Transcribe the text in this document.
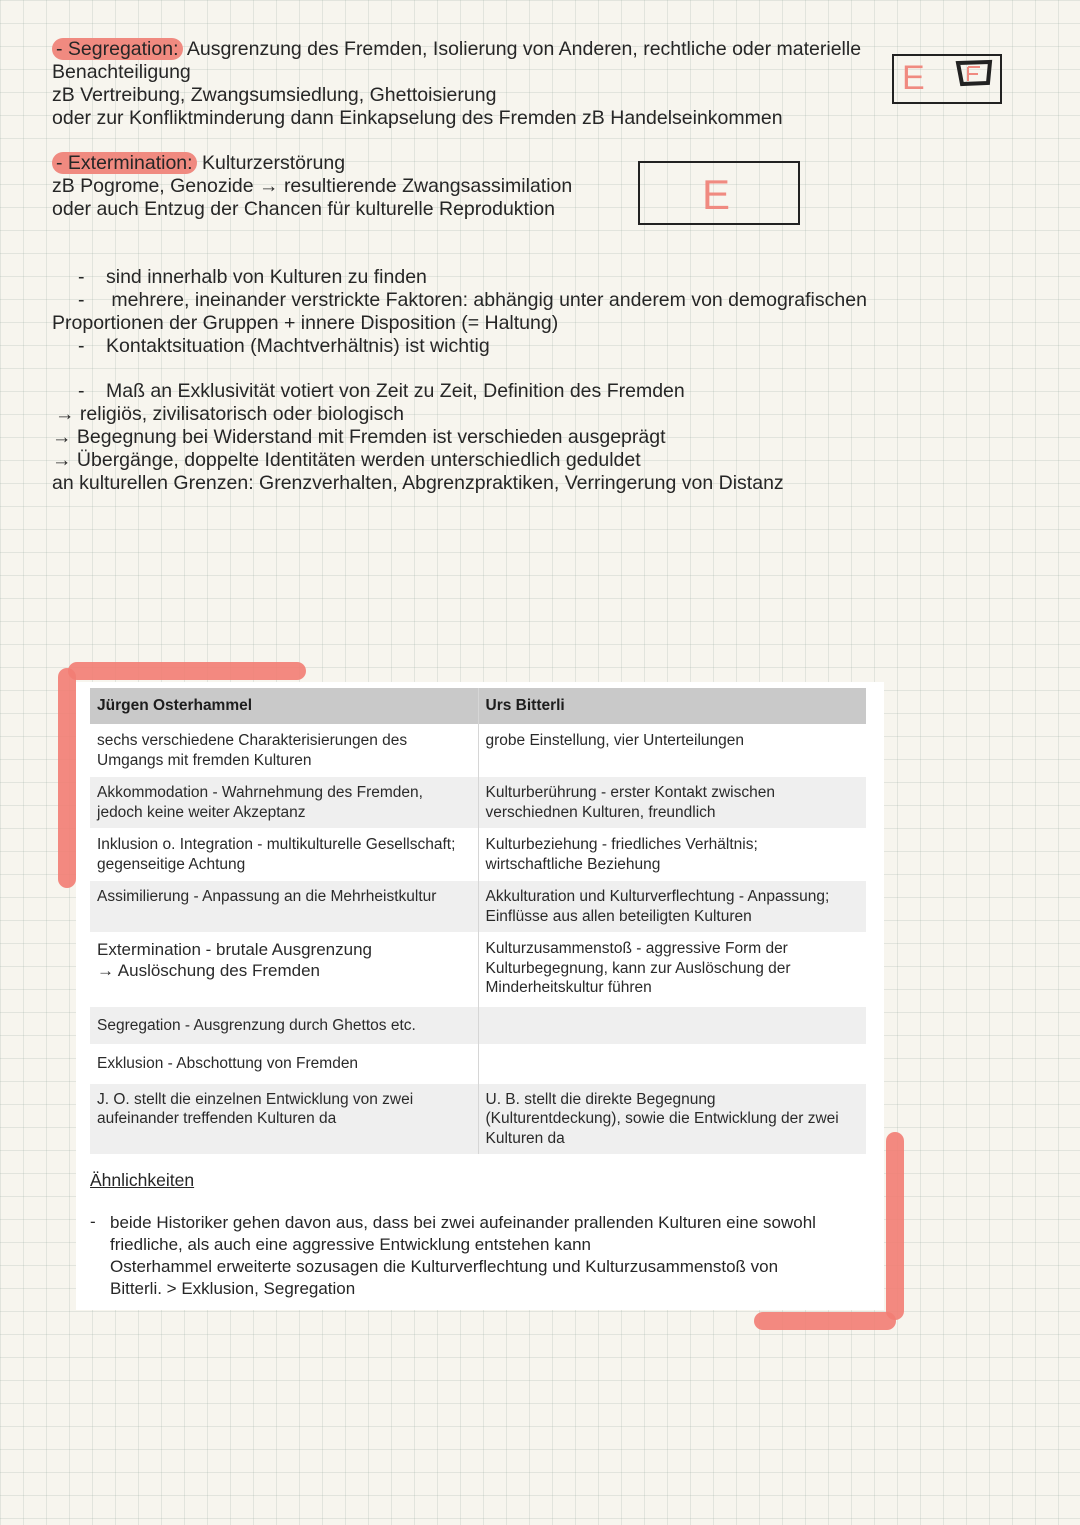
- Segregation: Ausgrenzung des Fremden, Isolierung von Anderen, rechtliche oder materielle
Benachteiligung
zB Vertreibung, Zwangsumsiedlung, Ghettoisierung
oder zur Konfliktminderung dann Einkapselung des Fremden zB Handelseinkommen
E
- Extermination: Kulturzerstörung
zB Pogrome, Genozide → resultierende Zwangsassimilation
oder auch Entzug der Chancen für kulturelle Reproduktion	E
- sind innerhalb von Kulturen zu finden
- mehrere, ineinander verstrickte Faktoren: abhängig unter anderem von demografischen
Proportionen der Gruppen + innere Disposition (= Haltung)
- Kontaktsituation (Machtverhältnis) ist wichtig
- Maß an Exklusivität votiert von Zeit zu Zeit, Definition des Fremden
→ religiös, zivilisatorisch oder biologisch
→ Begegnung bei Widerstand mit Fremden ist verschieden ausgeprägt
→ Übergänge, doppelte Identitäten werden unterschiedlich geduldet
an kulturellen Grenzen: Grenzverhalten, Abgrenzpraktiken, Verringerung von Distanz
Jürgen Osterhammel	Urs Bitterli
sechs verschiedene Charakterisierungen des
Umgangs mit fremden Kulturen	grobe Einstellung, vier Unterteilungen
Akkommodation - Wahrnehmung des Fremden,
jedoch keine weiter Akzeptanz	Kulturberührung - erster Kontakt zwischen
verschiednen Kulturen, freundlich
Inklusion o. Integration - multikulturelle Gesellschaft;
gegenseitige Achtung	Kulturbeziehung - friedliches Verhältnis;
wirtschaftliche Beziehung
Assimilierung - Anpassung an die Mehrheistkultur	Akkulturation und Kulturverflechtung - Anpassung;
Einflüsse aus allen beteiligten Kulturen
Extermination - brutale Ausgrenzung
→ Auslöschung des Fremden	Kulturzusammenstoß - aggressive Form der
Kulturbegegnung, kann zur Auslöschung der
Minderheitskultur führen
Segregation - Ausgrenzung durch Ghettos etc.	
Exklusion - Abschottung von Fremden	
J. O. stellt die einzelnen Entwicklung von zwei
aufeinander treffenden Kulturen da	U. B. stellt die direkte Begegnung
(Kulturentdeckung), sowie die Entwicklung der zwei
Kulturen da
Ähnlichkeiten
- beide Historiker gehen davon aus, dass bei zwei aufeinander prallenden Kulturen eine sowohl
friedliche, als auch eine aggressive Entwicklung entstehen kann
Osterhammel erweiterte sozusagen die Kulturverflechtung und Kulturzusammenstoß von
Bitterli. > Exklusion, Segregation
